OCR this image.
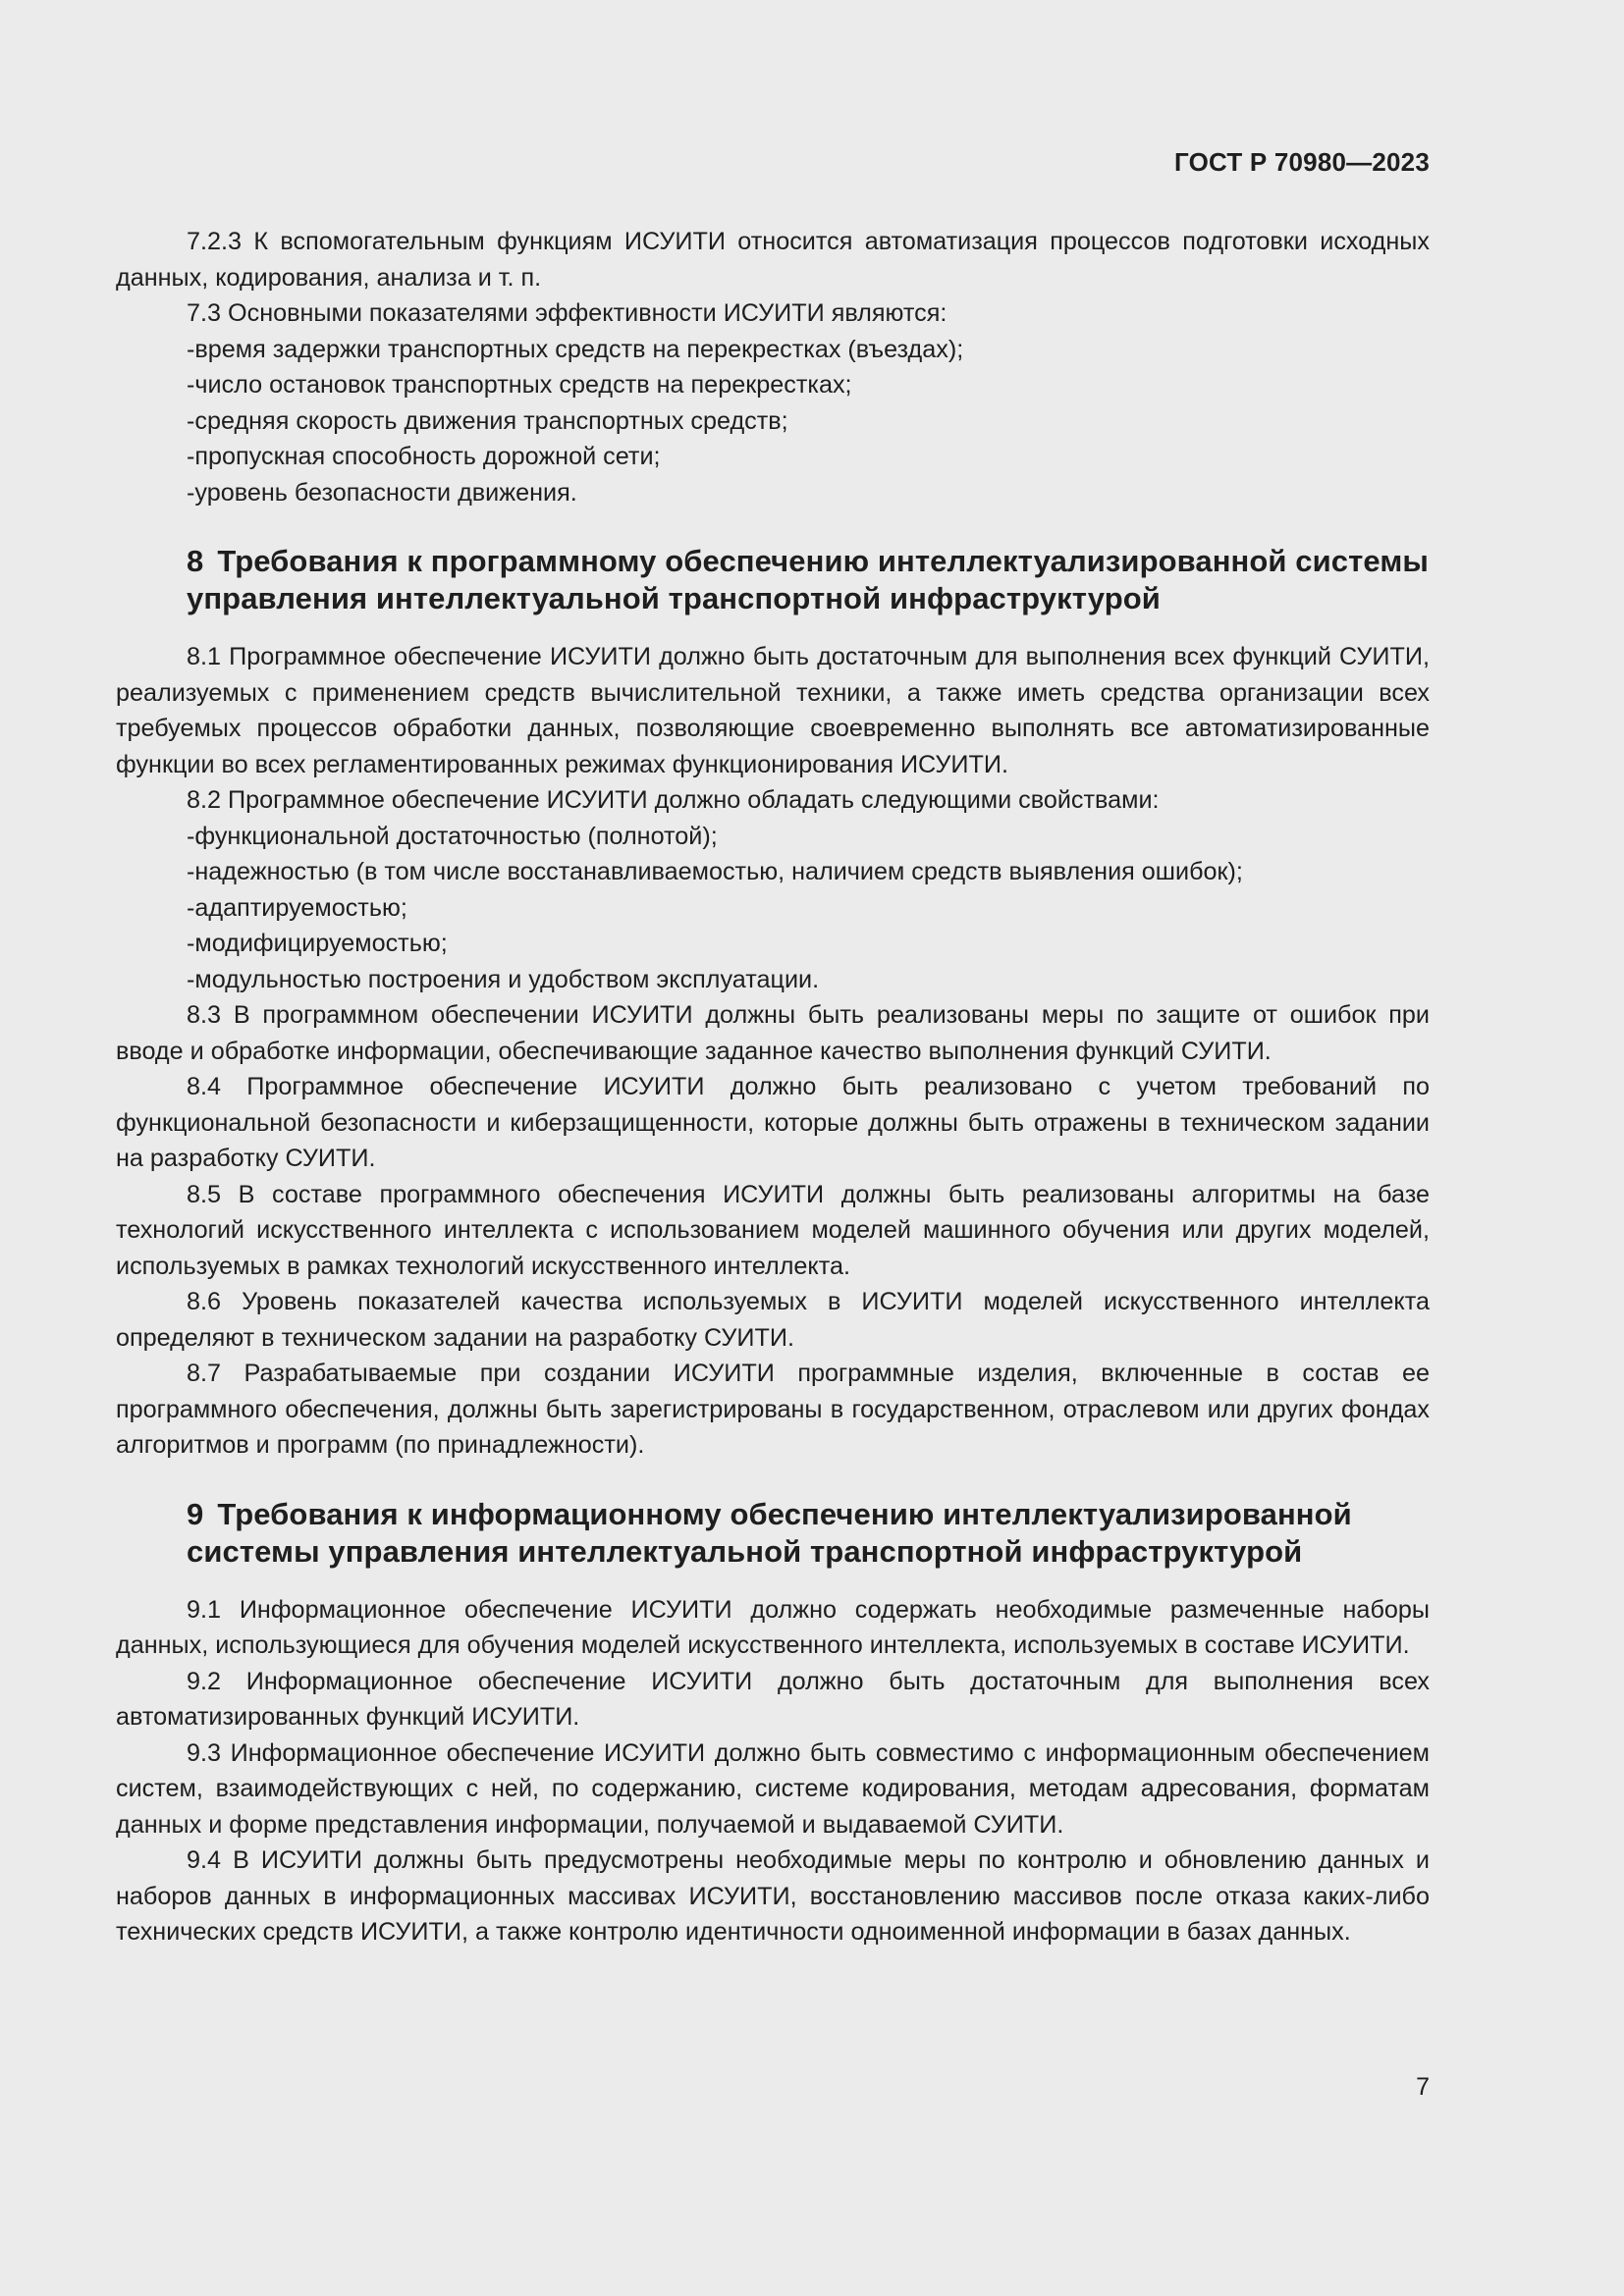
ГОСТ Р 70980—2023

7.2.3 К вспомогательным функциям ИСУИТИ относится автоматизация процессов подготовки исходных данных, кодирования, анализа и т. п.

7.3 Основными показателями эффективности ИСУИТИ являются:

-время задержки транспортных средств на перекрестках (въездах);
-число остановок транспортных средств на перекрестках;
-средняя скорость движения транспортных средств;
-пропускная способность дорожной сети;
-уровень безопасности движения.
8 Требования к программному обеспечению интеллектуализированной системы управления интеллектуальной транспортной инфраструктурой

8.1 Программное обеспечение ИСУИТИ должно быть достаточным для выполнения всех функций СУИТИ, реализуемых с применением средств вычислительной техники, а также иметь средства организации всех требуемых процессов обработки данных, позволяющие своевременно выполнять все автоматизированные функции во всех регламентированных режимах функционирования ИСУИТИ.

8.2 Программное обеспечение ИСУИТИ должно обладать следующими свойствами:

-функциональной достаточностью (полнотой);
-надежностью (в том числе восстанавливаемостью, наличием средств выявления ошибок);
-адаптируемостью;
-модифицируемостью;
-модульностью построения и удобством эксплуатации.

8.3 В программном обеспечении ИСУИТИ должны быть реализованы меры по защите от ошибок при вводе и обработке информации, обеспечивающие заданное качество выполнения функций СУИТИ.

8.4 Программное обеспечение ИСУИТИ должно быть реализовано с учетом требований по функциональной безопасности и киберзащищенности, которые должны быть отражены в техническом задании на разработку СУИТИ.

8.5 В составе программного обеспечения ИСУИТИ должны быть реализованы алгоритмы на базе технологий искусственного интеллекта с использованием моделей машинного обучения или других моделей, используемых в рамках технологий искусственного интеллекта.

8.6 Уровень показателей качества используемых в ИСУИТИ моделей искусственного интеллекта определяют в техническом задании на разработку СУИТИ.

8.7 Разрабатываемые при создании ИСУИТИ программные изделия, включенные в состав ее программного обеспечения, должны быть зарегистрированы в государственном, отраслевом или других фондах алгоритмов и программ (по принадлежности).

9 Требования к информационному обеспечению интеллектуализированной системы управления интеллектуальной транспортной инфраструктурой

9.1 Информационное обеспечение ИСУИТИ должно содержать необходимые размеченные наборы данных, использующиеся для обучения моделей искусственного интеллекта, используемых в составе ИСУИТИ.

9.2 Информационное обеспечение ИСУИТИ должно быть достаточным для выполнения всех автоматизированных функций ИСУИТИ.

9.3 Информационное обеспечение ИСУИТИ должно быть совместимо с информационным обеспечением систем, взаимодействующих с ней, по содержанию, системе кодирования, методам адресования, форматам данных и форме представления информации, получаемой и выдаваемой СУИТИ.

9.4 В ИСУИТИ должны быть предусмотрены необходимые меры по контролю и обновлению данных и наборов данных в информационных массивах ИСУИТИ, восстановлению массивов после отказа каких-либо технических средств ИСУИТИ, а также контролю идентичности одноименной информации в базах данных.

7
